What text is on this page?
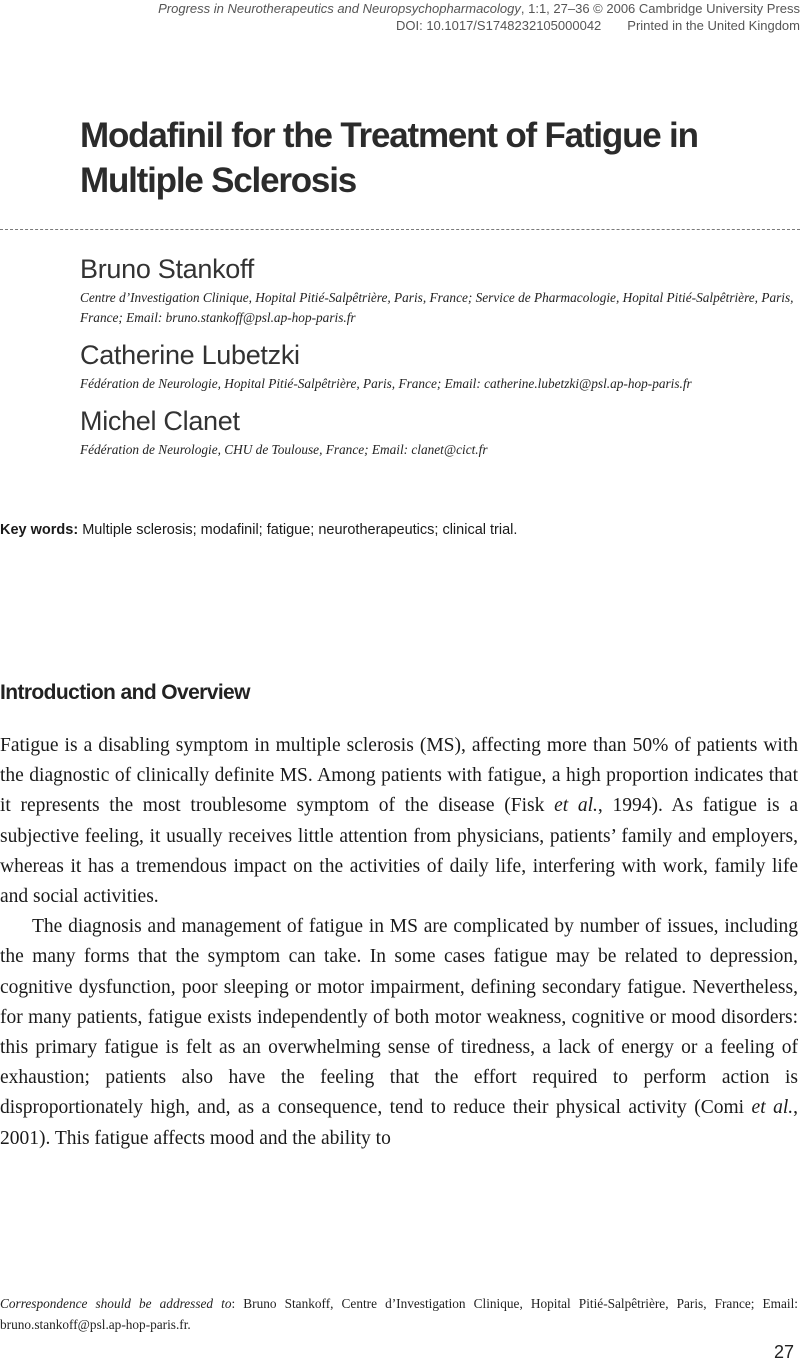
Progress in Neurotherapeutics and Neuropsychopharmacology, 1:1, 27–36 © 2006 Cambridge University Press
DOI: 10.1017/S1748232105000042 Printed in the United Kingdom
Modafinil for the Treatment of Fatigue in
Multiple Sclerosis
Bruno Stankoff
Centre d’Investigation Clinique, Hopital Pitié-Salpêtrière, Paris, France; Service de Pharmacologie, Hopital Pitié-Salpêtrière, Paris, France; Email: bruno.stankoff@psl.ap-hop-paris.fr
Catherine Lubetzki
Fédération de Neurologie, Hopital Pitié-Salpêtrière, Paris, France; Email: catherine.lubetzki@psl.ap-hop-paris.fr
Michel Clanet
Fédération de Neurologie, CHU de Toulouse, France; Email: clanet@cict.fr
Key words: Multiple sclerosis; modafinil; fatigue; neurotherapeutics; clinical trial.
Introduction and Overview

Fatigue is a disabling symptom in multiple sclerosis (MS), affecting more than 50% of patients with the diagnostic of clinically definite MS. Among patients with fatigue, a high proportion indicates that it represents the most troublesome symptom of the disease (Fisk et al., 1994). As fatigue is a subjective feeling, it usually receives little attention from physicians, patients’ family and employers, whereas it has a tremendous impact on the activities of daily life, interfering with work, family life and social activities.

The diagnosis and management of fatigue in MS are complicated by number of issues, including the many forms that the symptom can take. In some cases fatigue may be related to depression, cognitive dysfunction, poor sleeping or motor impairment, defining secondary fatigue. Nevertheless, for many patients, fatigue exists independently of both motor weakness, cognitive or mood disorders: this primary fatigue is felt as an overwhelming sense of tiredness, a lack of energy or a feeling of exhaustion; patients also have the feeling that the effort required to perform action is disproportionately high, and, as a consequence, tend to reduce their physical activity (Comi et al., 2001). This fatigue affects mood and the ability to

Correspondence should be addressed to: Bruno Stankoff, Centre d’Investigation Clinique, Hopital Pitié-Salpêtrière, Paris, France; Email: bruno.stankoff@psl.ap-hop-paris.fr.
27
